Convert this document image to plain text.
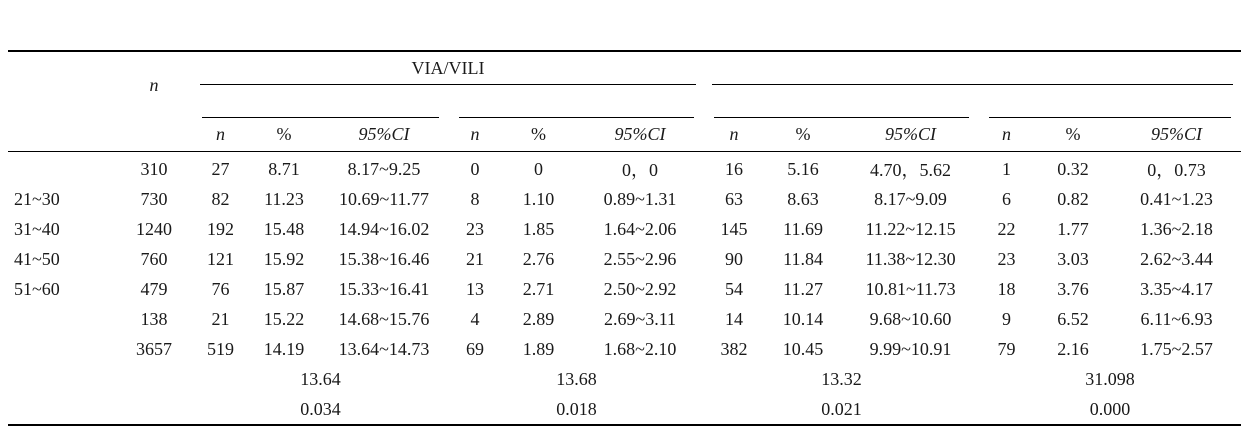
	n	VIA/VILI											

		n	%	95%CI	n	%	95%CI	n	%	95%CI	n	%	95%CI
	310	27	8.71	8.17~9.25	0	0	0，0	16	5.16	4.70，5.62	1	0.32	0，0.73
21~30	730	82	11.23	10.69~11.77	8	1.10	0.89~1.31	63	8.63	8.17~9.09	6	0.82	0.41~1.23
31~40	1240	192	15.48	14.94~16.02	23	1.85	1.64~2.06	145	11.69	11.22~12.15	22	1.77	1.36~2.18
41~50	760	121	15.92	15.38~16.46	21	2.76	2.55~2.96	90	11.84	11.38~12.30	23	3.03	2.62~3.44
51~60	479	76	15.87	15.33~16.41	13	2.71	2.50~2.92	54	11.27	10.81~11.73	18	3.76	3.35~4.17
	138	21	15.22	14.68~15.76	4	2.89	2.69~3.11	14	10.14	9.68~10.60	9	6.52	6.11~6.93
	3657	519	14.19	13.64~14.73	69	1.89	1.68~2.10	382	10.45	9.99~10.91	79	2.16	1.75~2.57
		13.64			13.68			13.32			31.098		
		0.034			0.018			0.021			0.000		
